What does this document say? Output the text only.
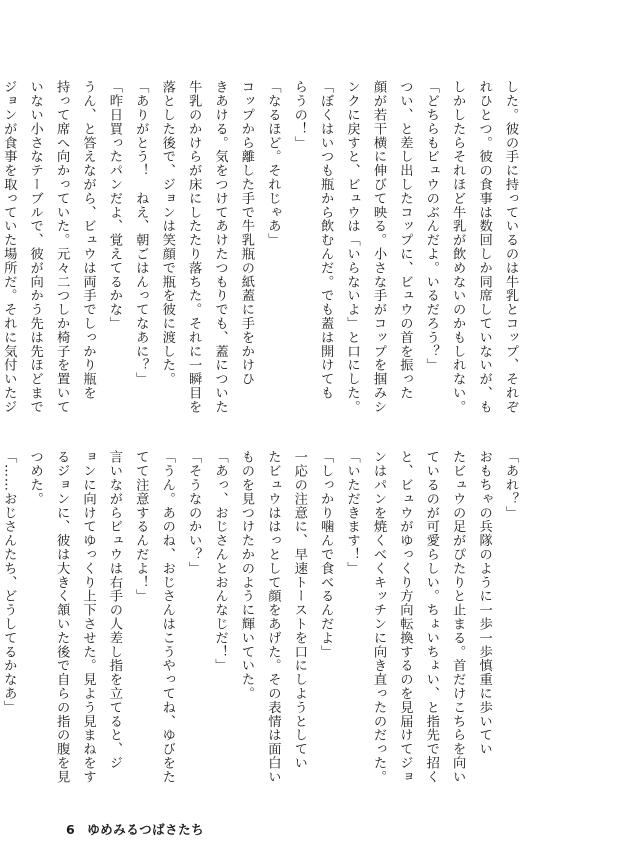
した。彼の手に持っているのは牛乳とコップ、それぞ

れひとつ。彼の食事は数回しか同席していないが、も

しかしたらそれほど牛乳が飲めないのかもしれない。

「どちらもビュウのぶんだよ。いるだろう？」

つい、と差し出したコップに、ビュウの首を振った

顔が若干横に伸びて映る。小さな手がコップを掴みシ

ンクに戻すと、ビュウは「いらないよ」と口にした。

「ぼくはいつも瓶から飲むんだ。でも蓋は開けても

らうの！」

「なるほど。それじゃあ」

コップから離した手で牛乳瓶の紙蓋に手をかけひ

きあける。気をつけてあけたつもりでも、蓋についた

牛乳のかけらが床にしたたり落ちた。それに一瞬目を

落とした後で、ジョンは笑顔で瓶を彼に渡した。

「ありがとう！　ねえ、朝ごはんってなあに？」

「昨日買ったパンだよ、覚えてるかな」

うん、と答えながら、ビュウは両手でしっかり瓶を

持って席へ向かっていた。元々二つしか椅子を置いて

いない小さなテーブルで、彼が向かう先は先ほどまで

ジョンが食事を取っていた場所だ。それに気付いたジ

「あれ？」

おもちゃの兵隊のように一歩一歩慎重に歩いてい

たビュウの足がぴたりと止まる。首だけこちらを向い

ているのが可愛らしい。ちょいちょい、と指先で招く

と、ビュウがゆっくり方向転換するのを見届けてジョ

ンはパンを焼くべくキッチンに向き直ったのだった。

「いただきます！」

「しっかり噛んで食べるんだよ」

一応の注意に、早速トーストを口にしようとしてい

たビュウははっとして顔をあげた。その表情は面白い

ものを見つけたかのように輝いていた。

「あっ、おじさんとおんなじだ！」

「そうなのかい？」

「うん。あのね、おじさんはこうやってね、ゆびをた

てて注意するんだよ！」

言いながらビュウは右手の人差し指を立てると、ジ

ョンに向けてゆっくり上下させた。見よう見まねをす

るジョンに、彼は大きく頷いた後で自らの指の腹を見

つめた。

「……おじさんたち、どうしてるかなあ」

6 ゆめみるつばさたち
